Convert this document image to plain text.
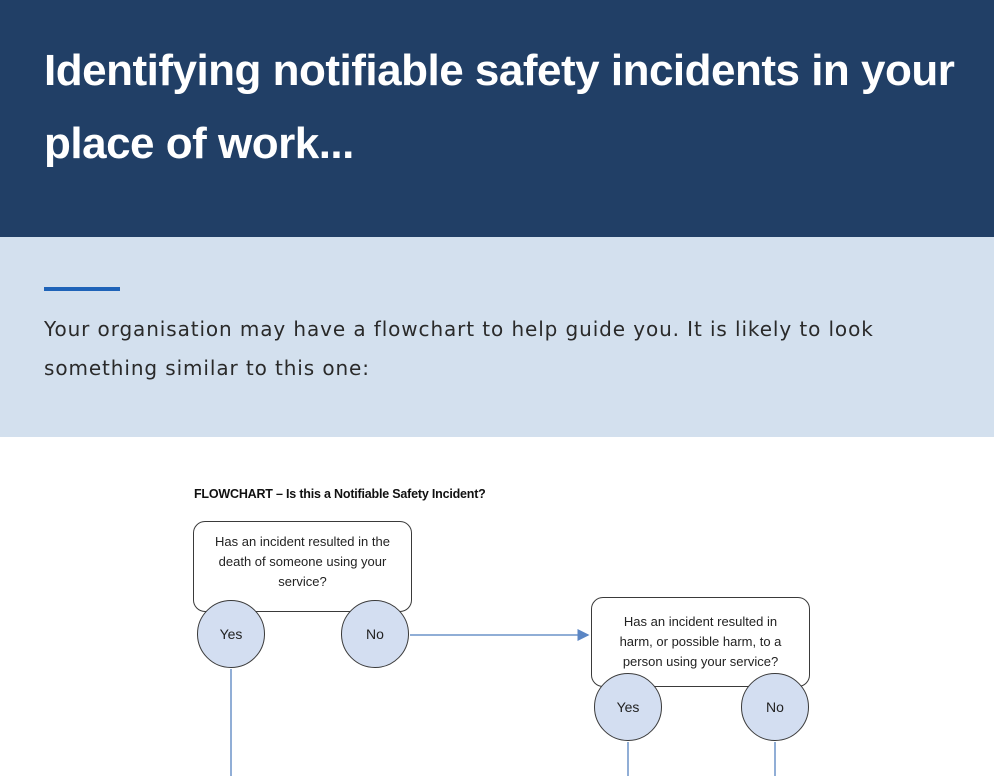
Identifying notifiable safety incidents in your place of work...

Your organisation may have a flowchart to help guide you. It is likely to look something similar to this one:

FLOWCHART – Is this a Notifiable Safety Incident?
Has an incident resulted in the death of someone using your service?
Yes	No
Has an incident resulted in harm, or possible harm, to a person using your service?
Yes	No
